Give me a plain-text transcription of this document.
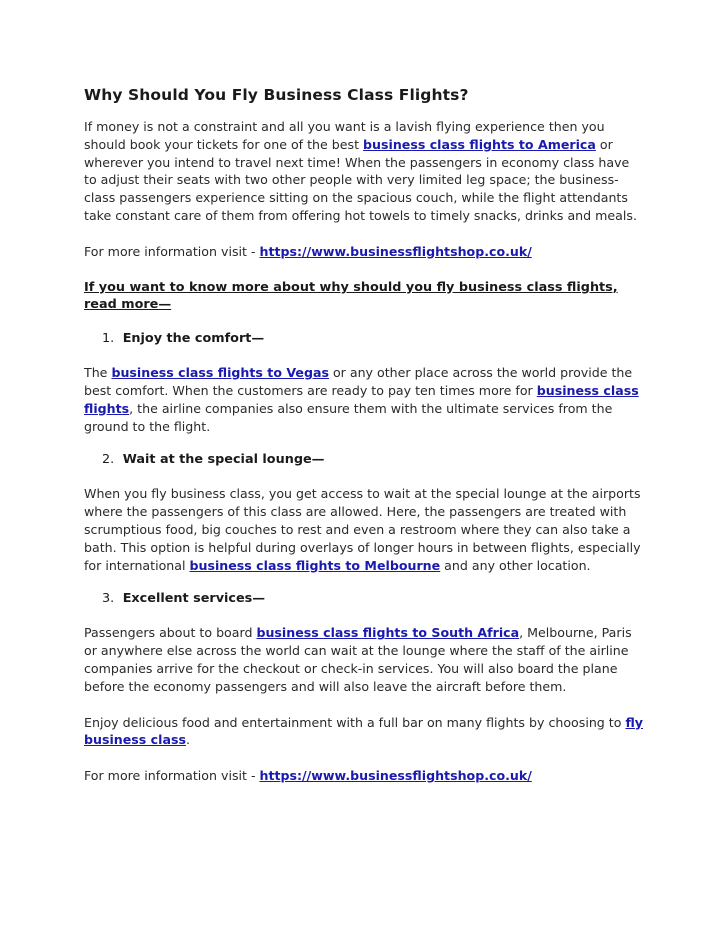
Why Should You Fly Business Class Flights?

If money is not a constraint and all you want is a lavish flying experience then you should book your tickets for one of the best business class flights to America or wherever you intend to travel next time! When the passengers in economy class have to adjust their seats with two other people with very limited leg space; the business-class passengers experience sitting on the spacious couch, while the flight attendants take constant care of them from offering hot towels to timely snacks, drinks and meals.

For more information visit - https://www.businessflightshop.co.uk/

If you want to know more about why should you fly business class flights, read more—
1. Enjoy the comfort—

The business class flights to Vegas or any other place across the world provide the best comfort. When the customers are ready to pay ten times more for business class flights, the airline companies also ensure them with the ultimate services from the ground to the flight.

2. Wait at the special lounge—

When you fly business class, you get access to wait at the special lounge at the airports where the passengers of this class are allowed. Here, the passengers are treated with scrumptious food, big couches to rest and even a restroom where they can also take a bath. This option is helpful during overlays of longer hours in between flights, especially for international business class flights to Melbourne and any other location.

3. Excellent services—

Passengers about to board business class flights to South Africa, Melbourne, Paris or anywhere else across the world can wait at the lounge where the staff of the airline companies arrive for the checkout or check-in services. You will also board the plane before the economy passengers and will also leave the aircraft before them.

Enjoy delicious food and entertainment with a full bar on many flights by choosing to fly business class.

For more information visit - https://www.businessflightshop.co.uk/
